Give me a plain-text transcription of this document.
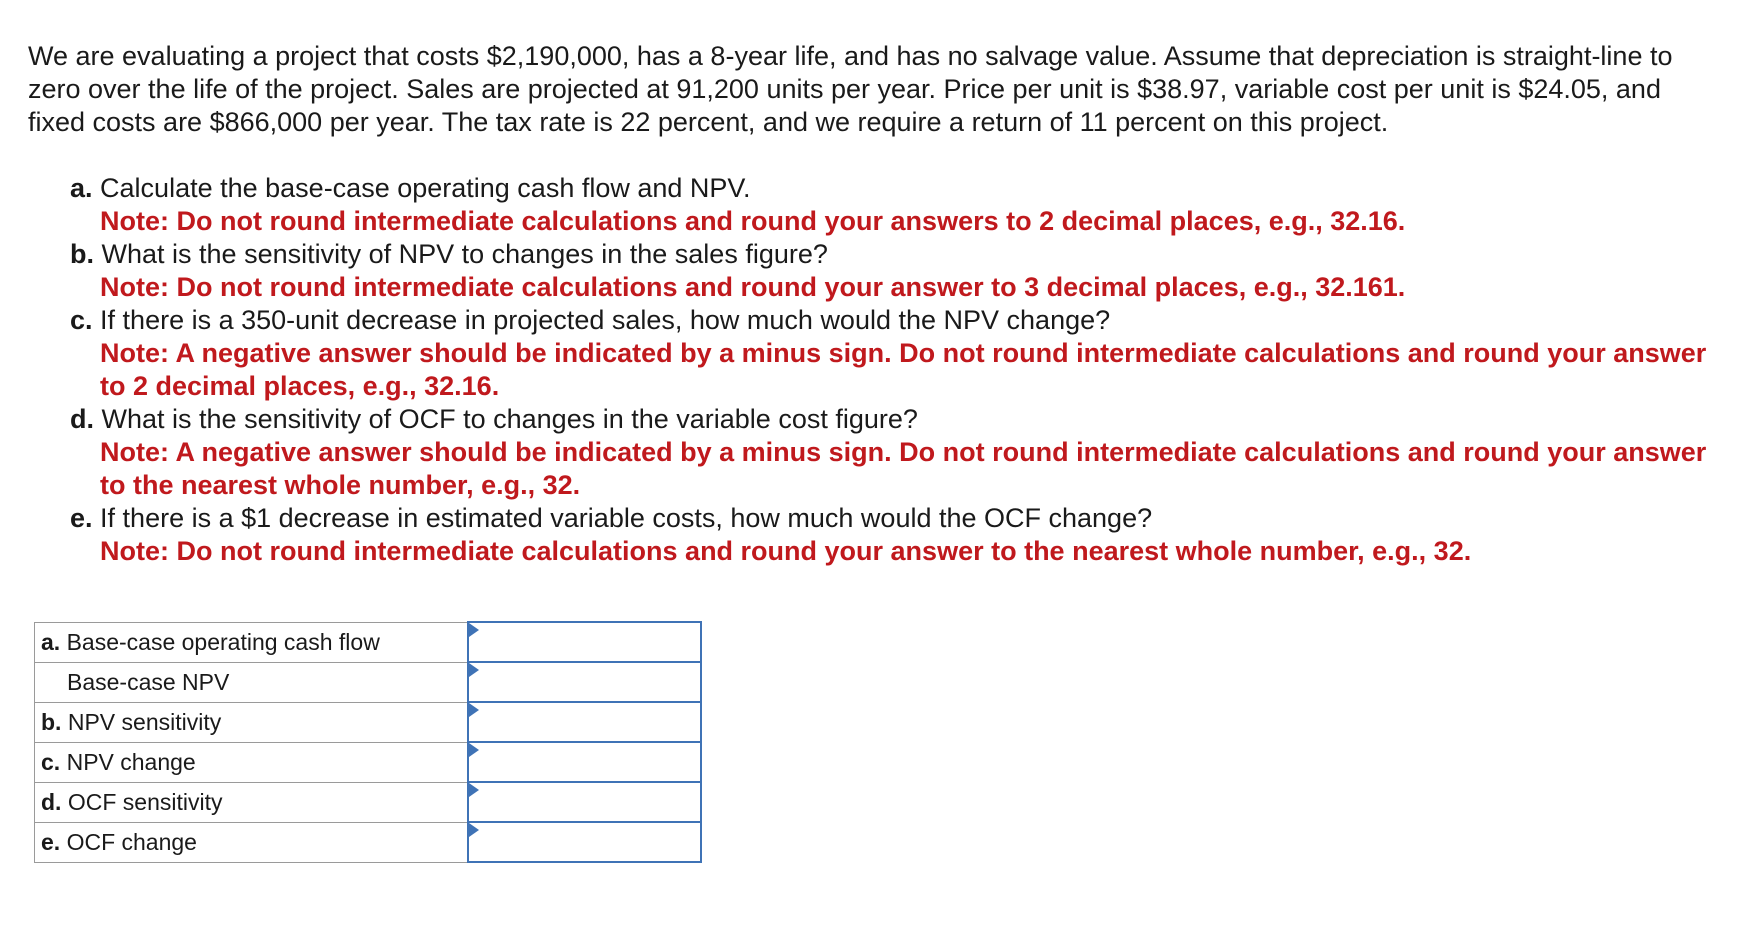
We are evaluating a project that costs $2,190,000, has a 8-year life, and has no salvage value. Assume that depreciation is straight-line to zero over the life of the project. Sales are projected at 91,200 units per year. Price per unit is $38.97, variable cost per unit is $24.05, and fixed costs are $866,000 per year. The tax rate is 22 percent, and we require a return of 11 percent on this project.

a. Calculate the base-case operating cash flow and NPV.

Note: Do not round intermediate calculations and round your answers to 2 decimal places, e.g., 32.16.

b. What is the sensitivity of NPV to changes in the sales figure?

Note: Do not round intermediate calculations and round your answer to 3 decimal places, e.g., 32.161.

c. If there is a 350-unit decrease in projected sales, how much would the NPV change?

Note: A negative answer should be indicated by a minus sign. Do not round intermediate calculations and round your answer to 2 decimal places, e.g., 32.16.

d. What is the sensitivity of OCF to changes in the variable cost figure?

Note: A negative answer should be indicated by a minus sign. Do not round intermediate calculations and round your answer to the nearest whole number, e.g., 32.

e. If there is a $1 decrease in estimated variable costs, how much would the OCF change?

Note: Do not round intermediate calculations and round your answer to the nearest whole number, e.g., 32.

a. Base-case operating cash flow	

Base-case NPV	

b. NPV sensitivity	

c. NPV change	

d. OCF sensitivity	

e. OCF change	
